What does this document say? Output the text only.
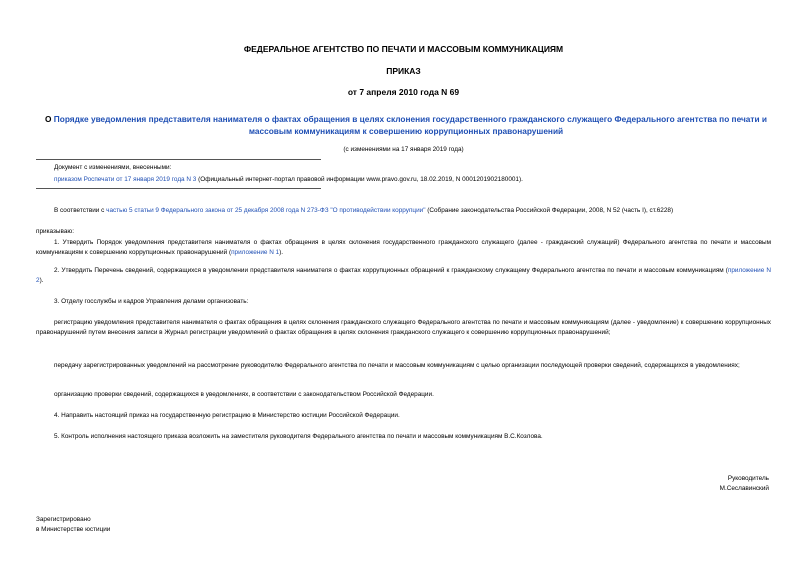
ФЕДЕРАЛЬНОЕ АГЕНТСТВО ПО ПЕЧАТИ И МАССОВЫМ КОММУНИКАЦИЯМ
ПРИКАЗ
от 7 апреля 2010 года N 69
О Порядке уведомления представителя нанимателя о фактах обращения в целях склонения государственного гражданского служащего Федерального агентства по печати и массовым коммуникациям к совершению коррупционных правонарушений
(с изменениями на 17 января 2019 года)
Документ с изменениями, внесенными:
приказом Роспечати от 17 января 2019 года N 3 (Официальный интернет-портал правовой информации www.pravo.gov.ru, 18.02.2019, N 0001201902180001).
В соответствии с частью 5 статьи 9 Федерального закона от 25 декабря 2008 года N 273-ФЗ "О противодействии коррупции" (Собрание законодательства Российской Федерации, 2008, N 52 (часть I), ст.6228)
приказываю:
1. Утвердить Порядок уведомления представителя нанимателя о фактах обращения в целях склонения государственного гражданского служащего (далее - гражданский служащий) Федерального агентства по печати и массовым коммуникациям к совершению коррупционных правонарушений (приложение N 1).
2. Утвердить Перечень сведений, содержащихся в уведомлении представителя нанимателя о фактах коррупционных обращений к гражданскому служащему Федерального агентства по печати и массовым коммуникациям (приложение N 2).
3. Отделу госслужбы и кадров Управления делами организовать:
регистрацию уведомления представителя нанимателя о фактах обращения в целях склонения гражданского служащего Федерального агентства по печати и массовым коммуникациям (далее - уведомление) к совершению коррупционных правонарушений путем внесения записи в Журнал регистрации уведомлений о фактах обращения в целях склонения гражданского служащего к совершению коррупционных правонарушений;
передачу зарегистрированных уведомлений на рассмотрение руководителю Федерального агентства по печати и массовым коммуникациям с целью организации последующей проверки сведений, содержащихся в уведомлениях;
организацию проверки сведений, содержащихся в уведомлениях, в соответствии с законодательством Российской Федерации.
4. Направить настоящий приказ на государственную регистрацию в Министерство юстиции Российской Федерации.
5. Контроль исполнения настоящего приказа возложить на заместителя руководителя Федерального агентства по печати и массовым коммуникациям В.С.Козлова.
Руководитель
М.Сеславинский
Зарегистрировано
в Министерстве юстиции
